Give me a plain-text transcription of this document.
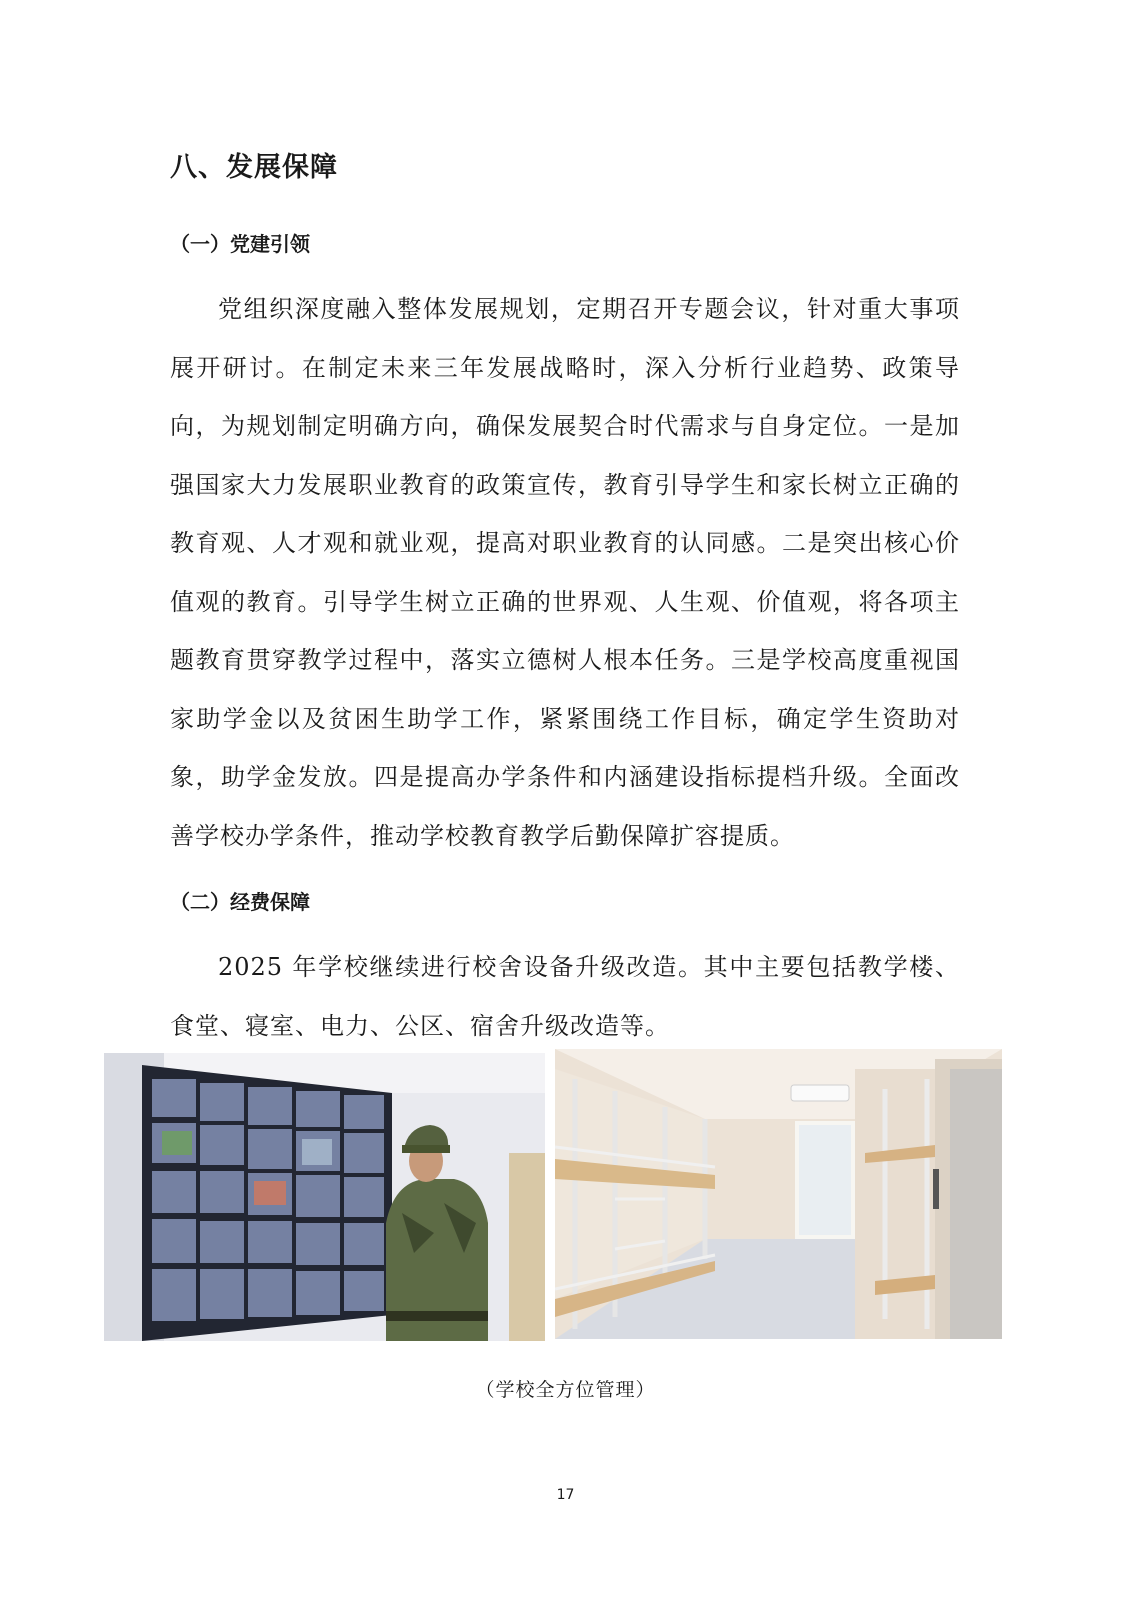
八、发展保障
（一）党建引领

党组织深度融入整体发展规划，定期召开专题会议，针对重大事项展开研讨。在制定未来三年发展战略时，深入分析行业趋势、政策导向，为规划制定明确方向，确保发展契合时代需求与自身定位。一是加强国家大力发展职业教育的政策宣传，教育引导学生和家长树立正确的教育观、人才观和就业观，提高对职业教育的认同感。二是突出核心价值观的教育。引导学生树立正确的世界观、人生观、价值观，将各项主题教育贯穿教学过程中，落实立德树人根本任务。三是学校高度重视国家助学金以及贫困生助学工作，紧紧围绕工作目标，确定学生资助对象，助学金发放。四是提高办学条件和内涵建设指标提档升级。全面改善学校办学条件，推动学校教育教学后勤保障扩容提质。

（二）经费保障

2025 年学校继续进行校舍设备升级改造。其中主要包括教学楼、食堂、寝室、电力、公区、宿舍升级改造等。

（学校全方位管理）
17
